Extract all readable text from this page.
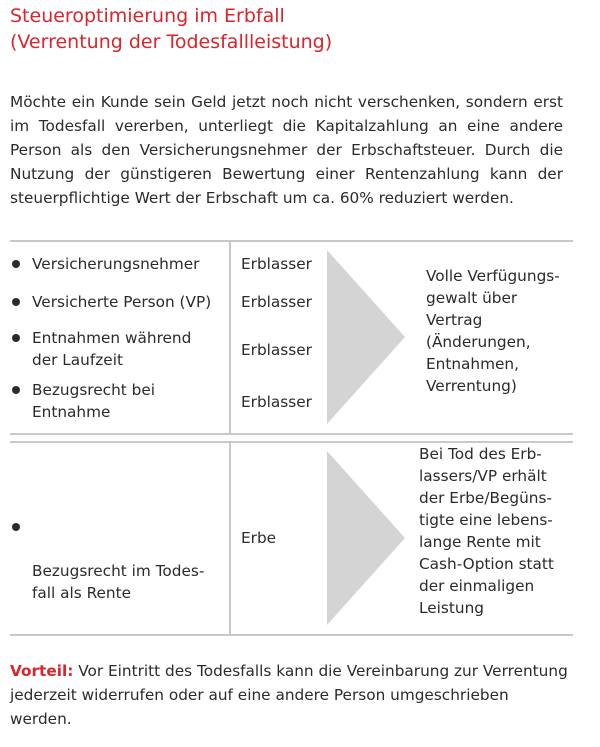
Steueroptimierung im Erbfall
(Verrentung der Todesfallleistung)

Möchte ein Kunde sein Geld jetzt noch nicht verschenken, sondern erst im Todesfall vererben, unterliegt die Kapitalzahlung an eine andere Person als den Versicherungsnehmer der Erbschaftsteuer. Durch die Nutzung der günstigeren Bewertung einer Rentenzahlung kann der steuerpflichtige Wert der Erbschaft um ca. 60% reduziert werden.

Versicherungsnehmer	Erblasser
Versicherte Person (VP)	Erblasser
Entnahmen während der Laufzeit
Erblasser
Bezugsrecht bei Entnahme
Erblasser
Volle Verfügungs-
gewalt über
Vertrag
(Änderungen,
Entnahmen,
Verrentung)

Bezugsrecht im Todes-
fall als Rente

Erbe
Bei Tod des Erb-
lassers/VP erhält
der Erbe/Begüns-
tigte eine lebens-
lange Rente mit
Cash-Option statt
der einmaligen
Leistung

Vorteil: Vor Eintritt des Todesfalls kann die Vereinbarung zur Verrentung jederzeit widerrufen oder auf eine andere Person umgeschrieben werden.
